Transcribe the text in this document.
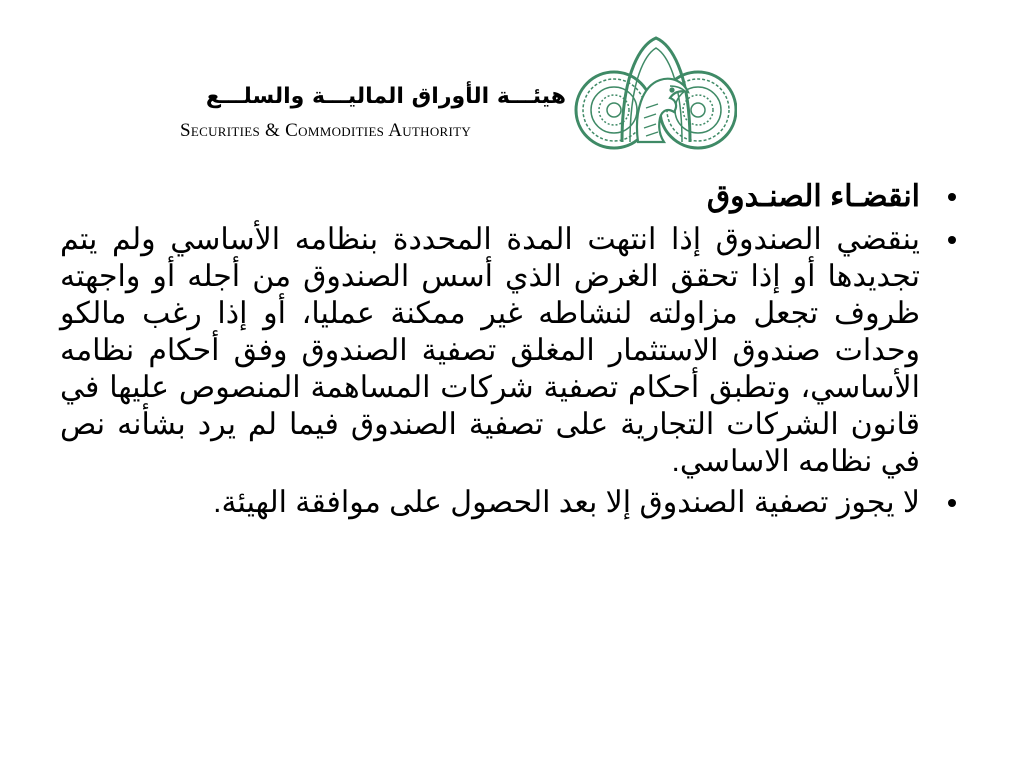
هيئـــة الأوراق الماليـــة والسلـــع
Securities & Commodities Authority
انقضـاء الصنـدوق
ينقضي الصندوق إذا انتهت المدة المحددة بنظامه الأساسي ولم يتم تجديدها أو إذا تحقق الغرض الذي أسس الصندوق من أجله أو واجهته ظروف تجعل مزاولته لنشاطه غير ممكنة عمليا، أو إذا رغب مالكو وحدات صندوق الاستثمار المغلق تصفية الصندوق وفق أحكام نظامه الأساسي، وتطبق أحكام تصفية شركات المساهمة المنصوص عليها في قانون الشركات التجارية على تصفية الصندوق فيما لم يرد بشأنه نص في نظامه الاساسي.
لا يجوز تصفية الصندوق إلا بعد الحصول على موافقة الهيئة.
